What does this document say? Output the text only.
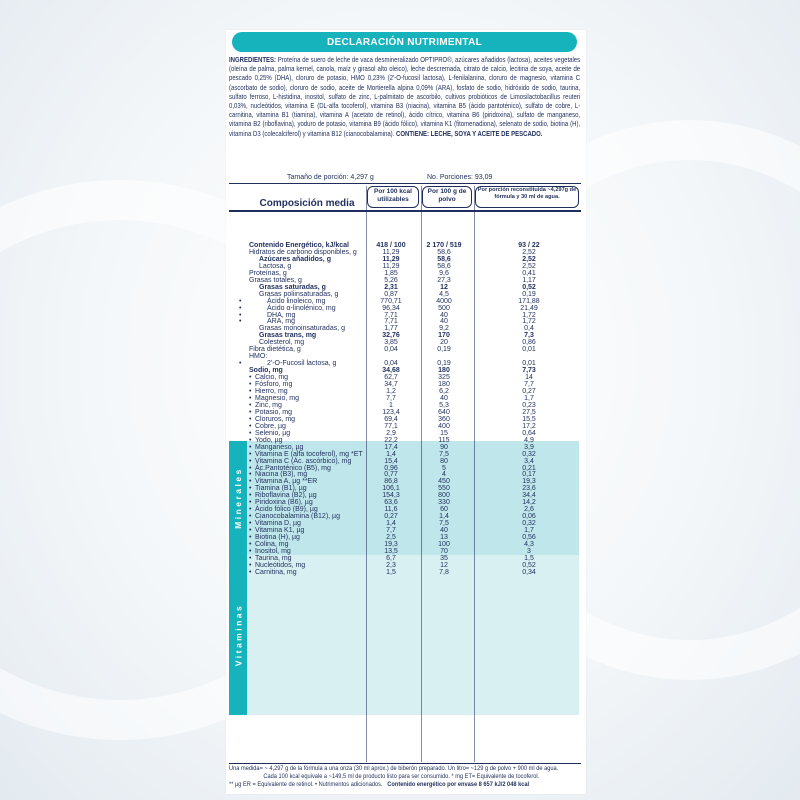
DECLARACIÓN NUTRIMENTAL
INGREDIENTES: Proteína de suero de leche de vaca desmineralizado OPTIPRO®, azúcares añadidos (lactosa), aceites vegetales (oleína de palma, palma kernel, canola, maíz y girasol alto oleico), leche descremada, citrato de calcio, lecitina de soya, aceite de pescado 0,25% (DHA), cloruro de potasio, HMO 0,23% (2'-O-fucosil lactosa), L-fenilalanina, cloruro de magnesio, vitamina C (ascorbato de sodio), cloruro de sodio, aceite de Mortierella alpina 0,09% (ARA), fosfato de sodio, hidróxido de sodio, taurina, sulfato ferroso, L-histidina, inositol, sulfato de zinc, L-palmitato de ascorbilo, cultivos probióticos de Limosilactobacillus reuteri 0,03%, nucleótidos, vitamina E (DL-alfa tocoferol), vitamina B3 (niacina), vitamina B5 (ácido pantoténico), sulfato de cobre, L-carnitina, vitamina B1 (tiamina), vitamina A (acetato de retinol), ácido cítrico, vitamina B6 (piridoxina), sulfato de manganeso, vitamina B2 (riboflavina), yoduro de potasio, vitamina B9 (ácido fólico), vitamina K1 (fitomenadiona), selenato de sodio, biotina (H), vitamina D3 (colecalciferol) y vitamina B12 (cianocobalamina). CONTIENE: LECHE, SOYA Y ACEITE DE PESCADO.
Tamaño de porción: 4,297 g	No. Porciones: 93,09
Composición media
Por 100 kcal utilizables
Por 100 g de polvo
Por porción reconstituida ~4,297g de fórmula y 30 ml de agua.
Minerales
Vitaminas
Contenido Energético, kJ/kcal	418 / 100	2 170 / 519	93 / 22
Hidratos de carbono disponibles, g	11,29	58,6	2,52
Azúcares añadidos, g	11,29	58,6	2,52
Lactosa, g	11,29	58,6	2,52
Proteínas, g	1,85	9,6	0,41
Grasas totales, g	5,26	27,3	1,17
Grasas saturadas, g	2,31	12	0,52
Grasas poliinsaturadas, g	0,87	4,5	0,19
•	Ácido linoleico, mg	770,71	4000	171,88
•	Ácido α-linolénico, mg	96,34	500	21,49
•	DHA, mg	7,71	40	1,72
•	ARA, mg	7,71	40	1,72
Grasas monoinsaturadas, g	1,77	9,2	0,4
Grasas trans, mg	32,76	170	7,3
Colesterol, mg	3,85	20	0,86
Fibra dietética, g	0,04	0,19	0,01
HMO:
•	2'-O-Fucosil lactosa, g	0,04	0,19	0,01
Sodio, mg	34,68	180	7,73
• Calcio, mg	62,7	325	14
• Fósforo, mg	34,7	180	7,7
• Hierro, mg	1,2	6,2	0,27
• Magnesio, mg	7,7	40	1,7
• Zinc, mg	1	5,3	0,23
• Potasio, mg	123,4	640	27,5
• Cloruros, mg	69,4	360	15,5
• Cobre, µg	77,1	400	17,2
• Selenio, µg	2,9	15	0,64
• Yodo, µg	22,2	115	4,9
• Manganeso, µg	17,4	90	3,9
• Vitamina E (alfa tocoferol), mg *ET	1,4	7,5	0,32
• Vitamina C (Ác. ascórbico), mg	15,4	80	3,4
• Ác.Pantoténico (B5), mg	0,96	5	0,21
• Niacina (B3), mg	0,77	4	0,17
• Vitamina A, µg **ER	86,8	450	19,3
• Tiamina (B1), µg	106,1	550	23,6
• Riboflavina (B2), µg	154,3	800	34,4
• Piridoxina (B6), µg	63,6	330	14,2
• Ácido fólico (B9), µg	11,6	60	2,6
• Cianocobalamina (B12), µg	0,27	1,4	0,06
• Vitamina D, µg	1,4	7,5	0,32
• Vitamina K1, µg	7,7	40	1,7
• Biotina (H), µg	2,5	13	0,56
• Colina, mg	19,3	100	4,3
• Inositol, mg	13,5	70	3
• Taurina, mg	6,7	35	1,5
• Nucleótidos, mg	2,3	12	0,52
• Carnitina, mg	1,5	7,8	0,34
Una medida= ~ 4,297 g de la fórmula a una onza (30 ml aprox.) de biberón preparado. Un litro= ~129 g de polvo + 900 ml de agua.
Cada 100 kcal equivale a ~149,5 ml de producto listo para ser consumido. * mg ET= Equivalente de tocoferol.
** µg ER = Equivalente de retinol. • Nutrimentos adicionados. Contenido energético por envase 8 657 kJ/2 048 kcal
